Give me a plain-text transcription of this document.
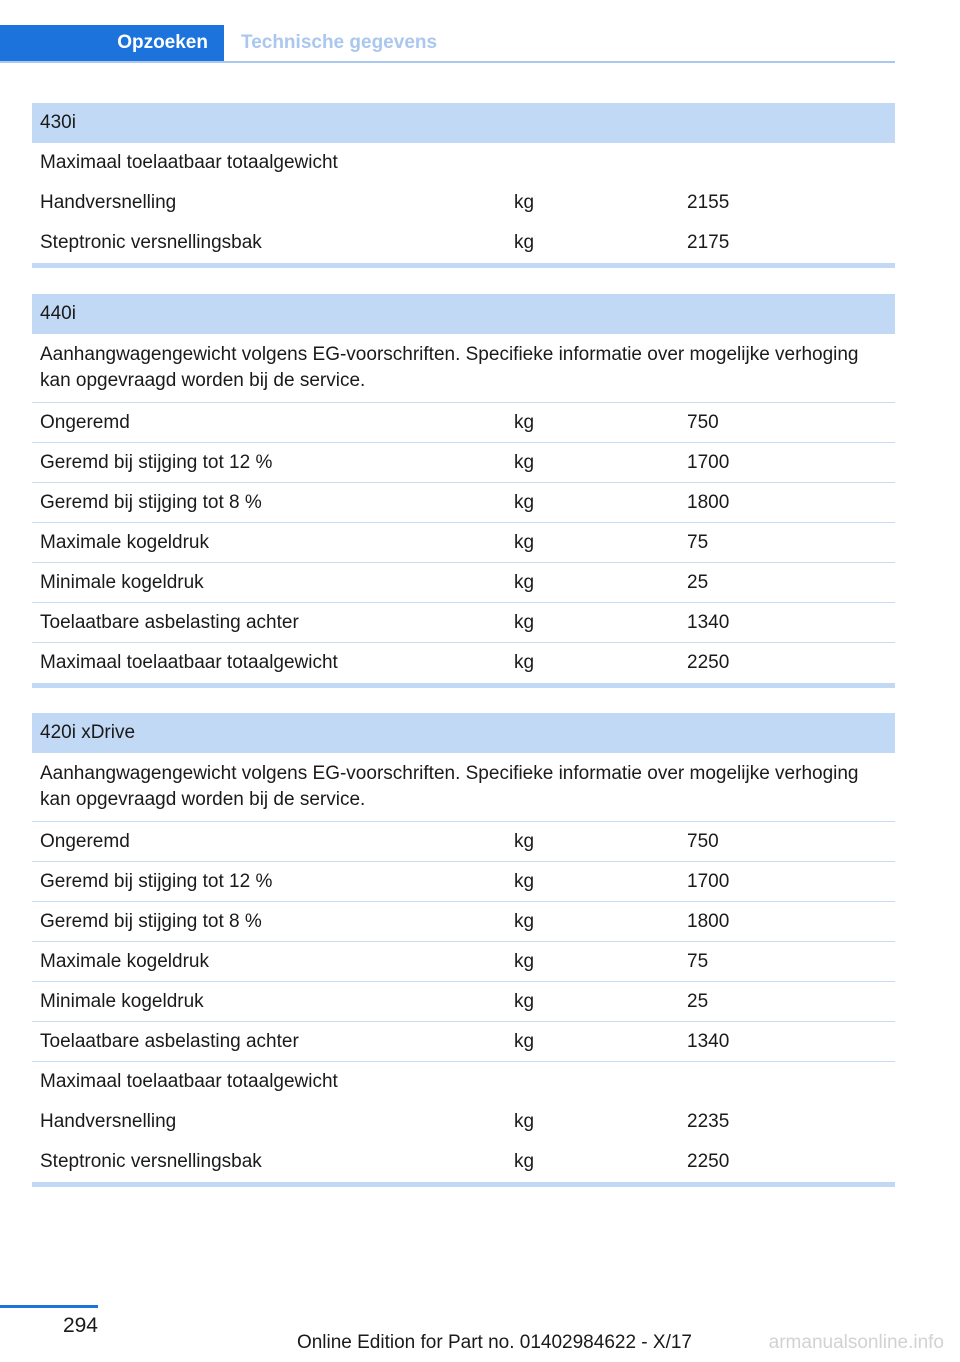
Opzoeken	Technische gegevens
430i
Maximaal toelaatbaar totaalgewicht
Handversnelling	kg	2155
Steptronic versnellingsbak	kg	2175
440i
Aanhangwagengewicht volgens EG-voorschriften. Specifieke informatie over mogelijke verhoging kan opgevraagd worden bij de service.
Ongeremd	kg	750
Geremd bij stijging tot 12 %	kg	1700
Geremd bij stijging tot 8 %	kg	1800
Maximale kogeldruk	kg	75
Minimale kogeldruk	kg	25
Toelaatbare asbelasting achter	kg	1340
Maximaal toelaatbaar totaalgewicht	kg	2250
420i xDrive
Aanhangwagengewicht volgens EG-voorschriften. Specifieke informatie over mogelijke verhoging kan opgevraagd worden bij de service.
Ongeremd	kg	750
Geremd bij stijging tot 12 %	kg	1700
Geremd bij stijging tot 8 %	kg	1800
Maximale kogeldruk	kg	75
Minimale kogeldruk	kg	25
Toelaatbare asbelasting achter	kg	1340
Maximaal toelaatbaar totaalgewicht
Handversnelling	kg	2235
Steptronic versnellingsbak	kg	2250
294
Online Edition for Part no. 01402984622 - X/17	armanualsonline.info
